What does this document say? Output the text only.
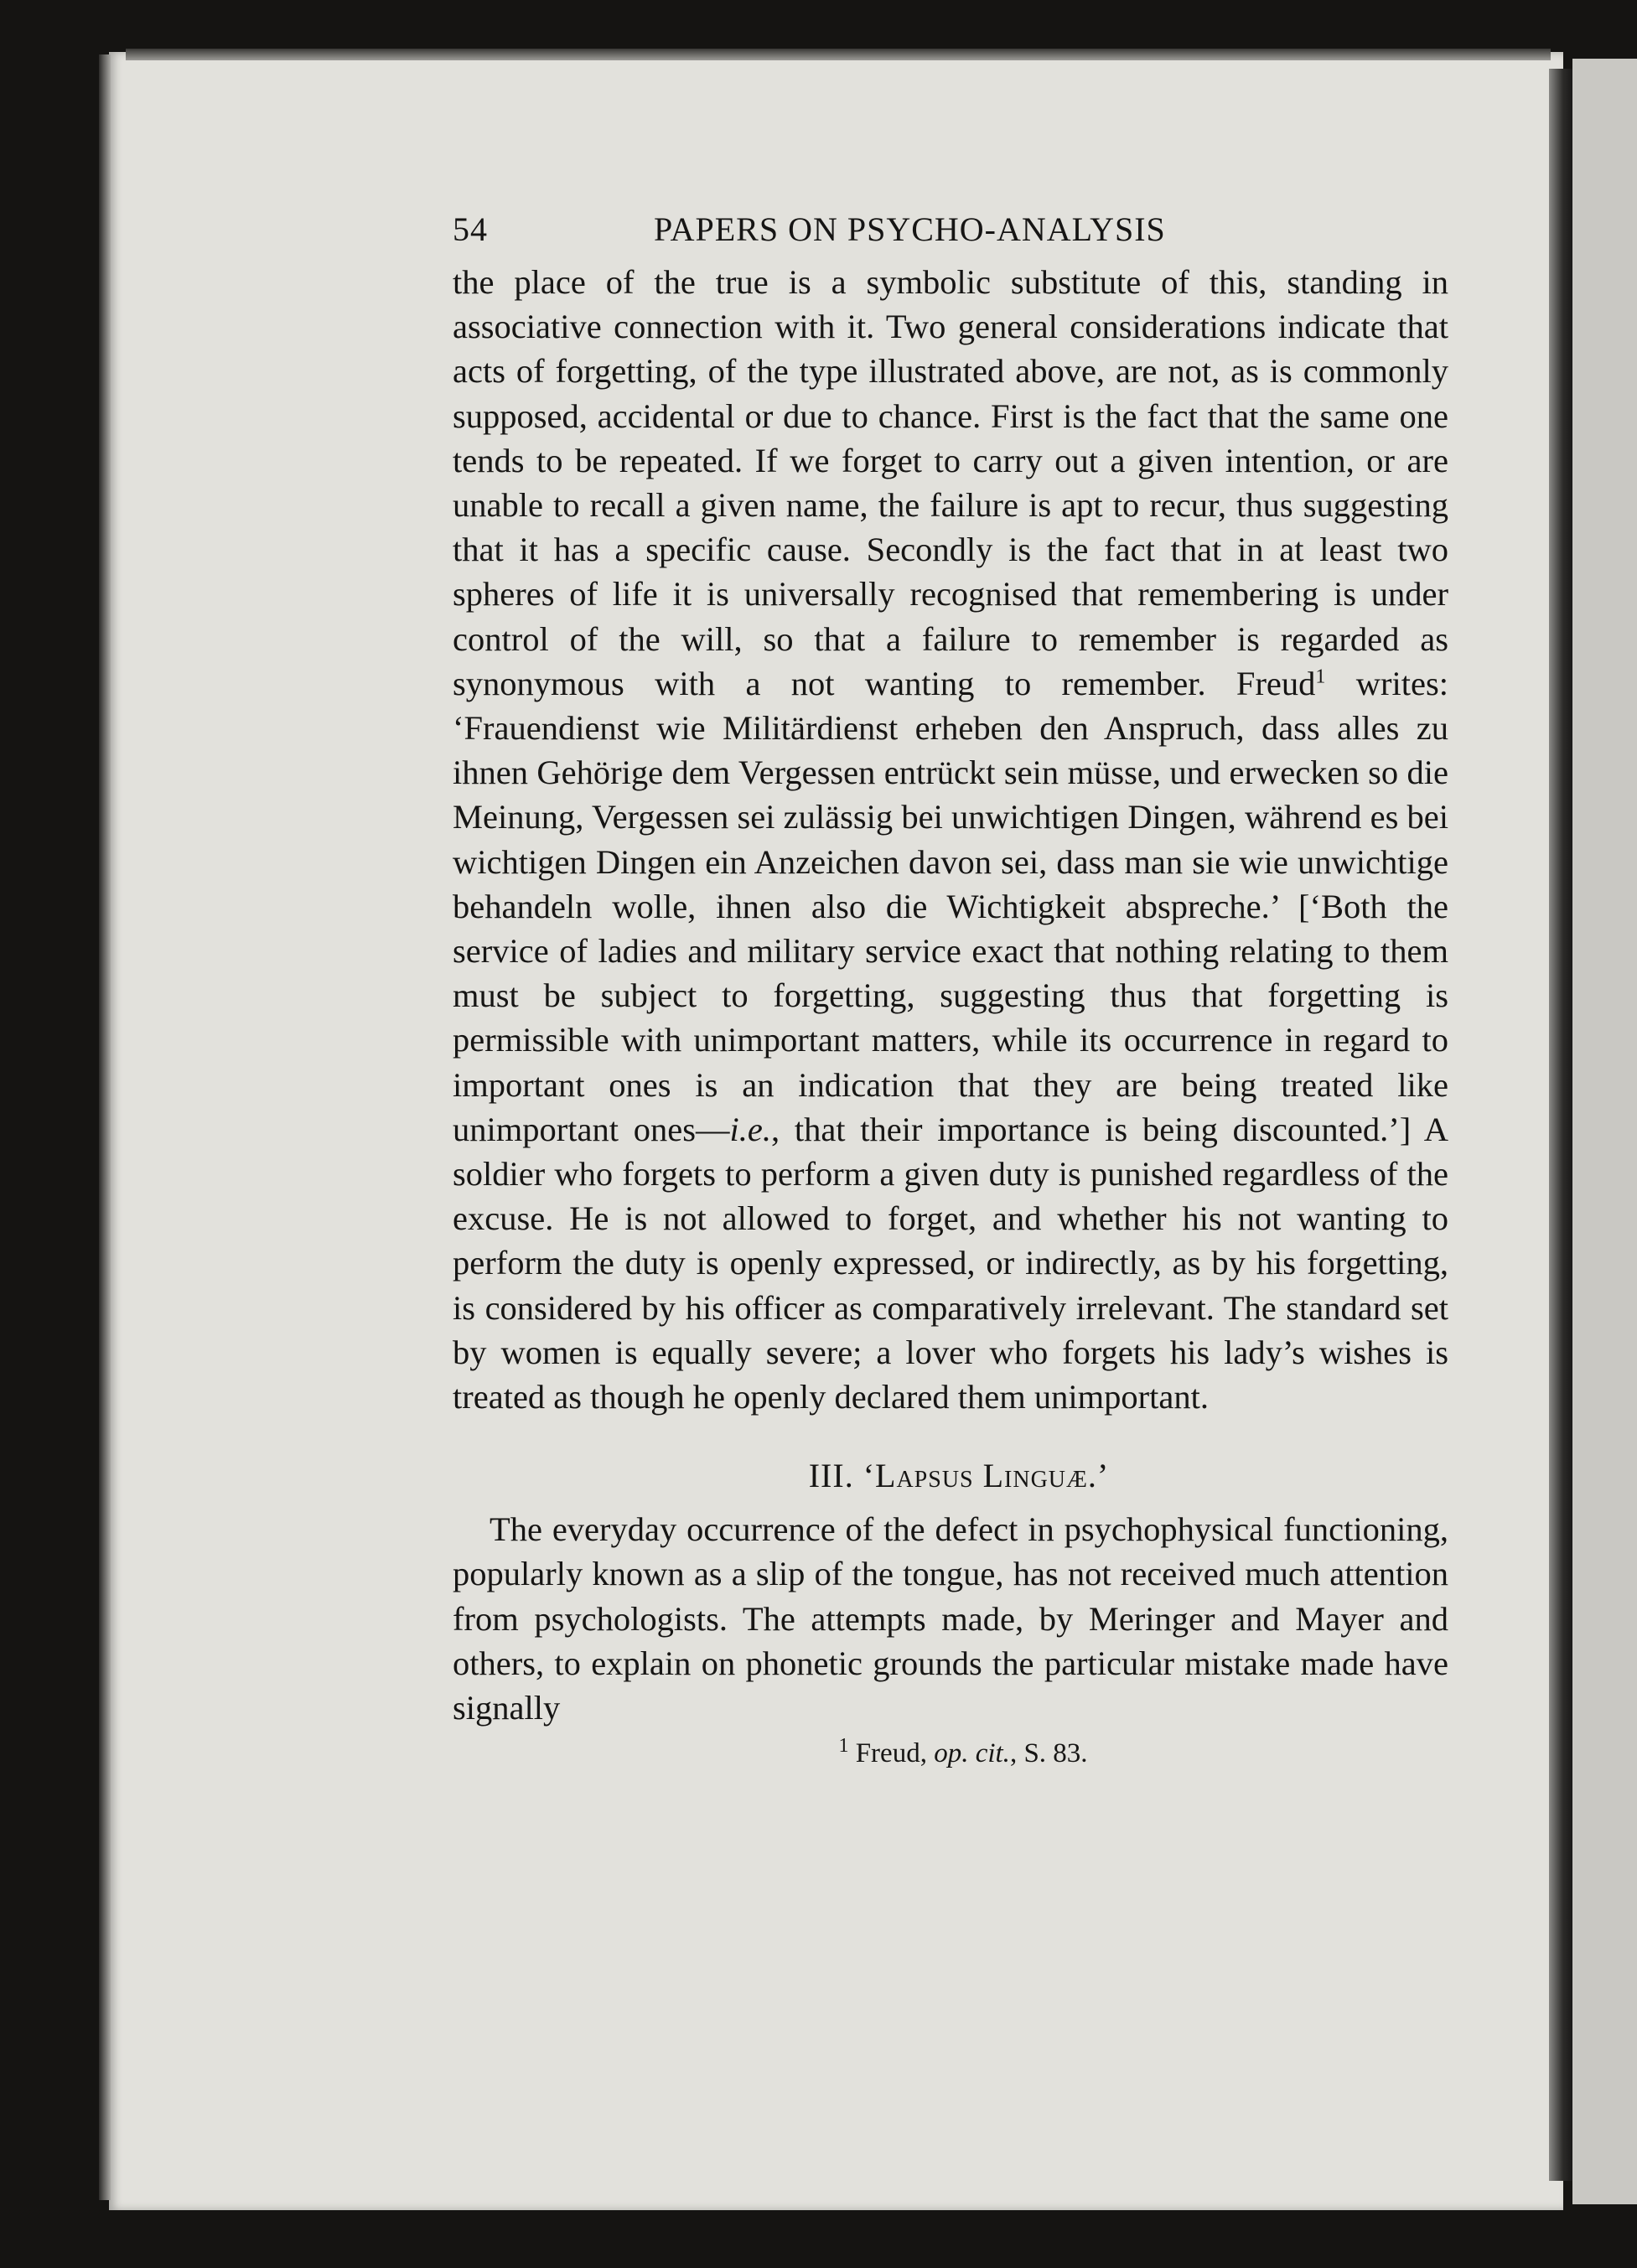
54	PAPERS ON PSYCHO-ANALYSIS

the place of the true is a symbolic substitute of this, standing in associative connection with it. Two general considerations indicate that acts of forgetting, of the type illustrated above, are not, as is commonly supposed, accidental or due to chance. First is the fact that the same one tends to be repeated. If we forget to carry out a given intention, or are unable to recall a given name, the failure is apt to recur, thus suggesting that it has a specific cause. Secondly is the fact that in at least two spheres of life it is universally recognised that remembering is under control of the will, so that a failure to remember is regarded as synonymous with a not wanting to remember. Freud$^1$ writes: ‘Frauendienst wie Militärdienst erheben den Anspruch, dass alles zu ihnen Gehörige dem Vergessen entrückt sein müsse, und erwecken so die Meinung, Vergessen sei zulässig bei unwichtigen Dingen, während es bei wichtigen Dingen ein Anzeichen davon sei, dass man sie wie unwichtige behandeln wolle, ihnen also die Wichtigkeit abspreche.’ [‘Both the service of ladies and military service exact that nothing relating to them must be subject to forgetting, suggesting thus that forgetting is permissible with unimportant matters, while its occurrence in regard to important ones is an indication that they are being treated like unimportant ones—i.e., that their importance is being discounted.’] A soldier who forgets to perform a given duty is punished regardless of the excuse. He is not allowed to forget, and whether his not wanting to perform the duty is openly expressed, or indirectly, as by his forgetting, is considered by his officer as comparatively irrelevant. The standard set by women is equally severe; a lover who forgets his lady’s wishes is treated as though he openly declared them unimportant.

III. ‘Lapsus Linguæ.’

The everyday occurrence of the defect in psychophysical functioning, popularly known as a slip of the tongue, has not received much attention from psychologists. The attempts made, by Meringer and Mayer and others, to explain on phonetic grounds the particular mistake made have signally

$^1$ Freud, op. cit., S. 83.
